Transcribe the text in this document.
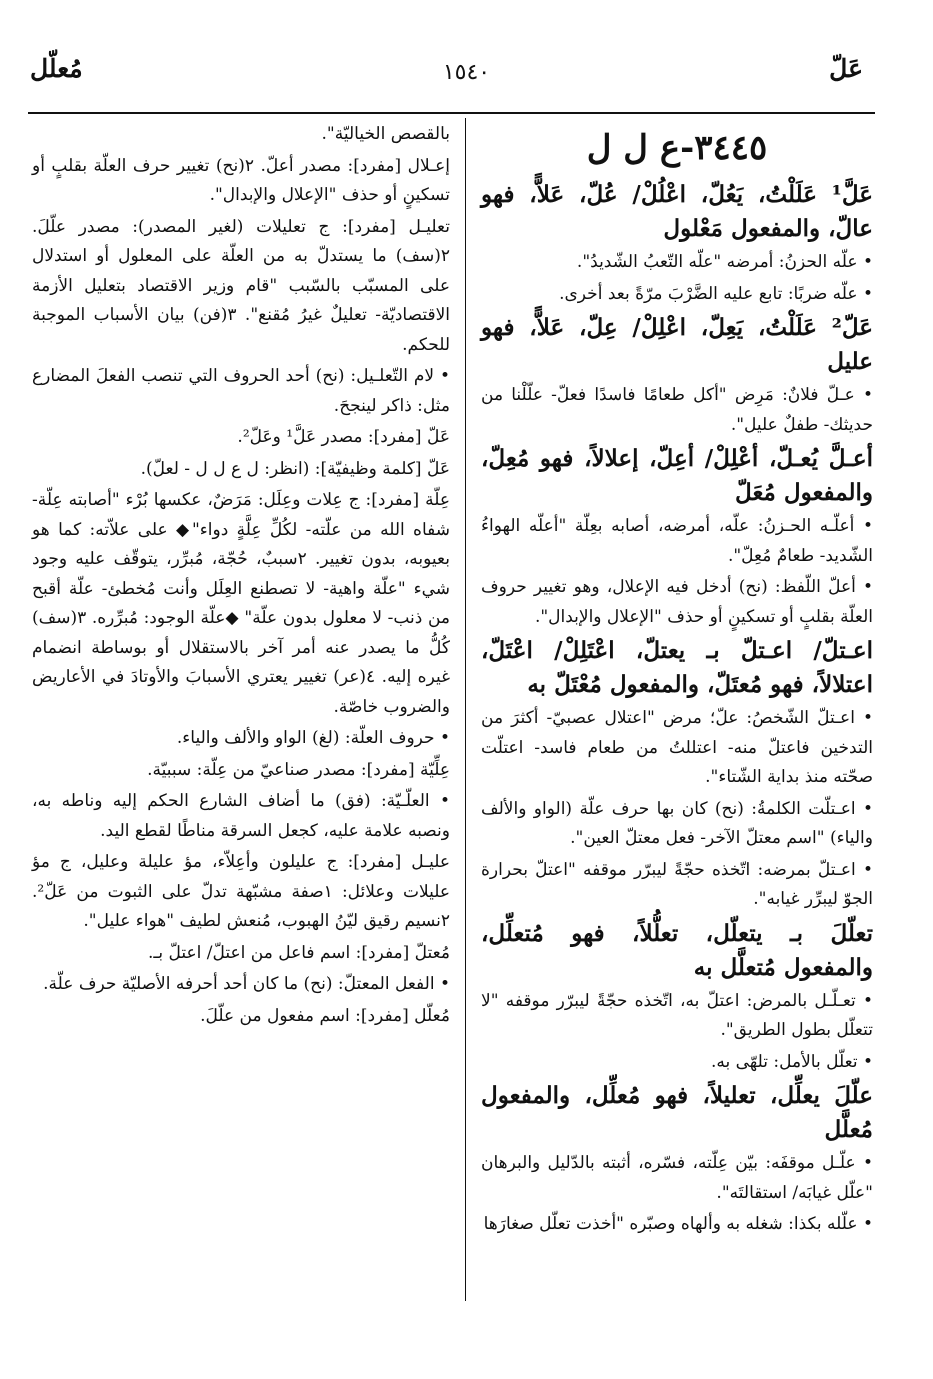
عَلّ
١٥٤٠
مُعلّل

٣٤٤٥-ع ل ل

عَلَّ¹ عَلَلْتُ، يَعُلّ، اعْلُلْ/ عُلّ، عَلاًّ، فهو عالّ، والمفعول مَعْلول

• علّه الحزنُ: أمرضه "علّه التّعبُ الشّديدُ".

• علّه ضربًا: تابع عليه الضَّرْبَ مرّةً بعد أخرى.

عَلّ² عَلَلْتُ، يَعِلّ، اعْلِلْ/ عِلّ، عَلاًّ، فهو عليل

• عـلّ فلانٌ: مَرِض "أكل طعامًا فاسدًا فعلّ- علّلْنا من حديثك- طفلٌ عليل".

أعـلَّ يُعـلّ، أعْلِلْ/ أعِلّ، إعلالاً، فهو مُعِلّ، والمفعول مُعَلّ

• أعلّـه الحـزنُ: علّه، أمرضه، أصابه بعِلّة "أعلّه الهواءُ الشّديد- طعامٌ مُعِلّ".

• أعلّ اللّفظ: (نح) أدخل فيه الإعلال، وهو تغيير حروف العلّة بقلبٍ أو تسكينٍ أو حذف "الإعلال والإبدال".

اعـتلّ/ اعـتلّ بـ يعتلّ، اعْتَلِلْ/ اعْتَلّ، اعتلالاً، فهو مُعتَلّ، والمفعول مُعْتَلّ به

• اعـتلّ الشّخصُ: علّ؛ مرض "اعتلال عصبيّ- أكثرَ من التدخين فاعتلّ منه- اعتللتُ من طعام فاسد- اعتلّت صحّته منذ بداية الشّتاء".

• اعـتلّت الكلمةُ: (نح) كان بها حرف علّة (الواو والألف والياء) "اسم معتلّ الآخر- فعل معتلّ العين".

• اعـتلّ بمرضه: اتّخذه حجّةً ليبرّر موقفه "اعتلّ بحرارة الجوّ ليبرِّر غيابه".

تعلّلَ بـ يتعلّل، تعلُّلاً، فهو مُتعلِّل، والمفعول مُتعلَّل به

• تعـلّـل بالمرض: اعتلّ به، اتّخذه حجّةً ليبرّر موقفه "لا تتعلّل بطول الطريق".

• تعلّل بالأمل: تلهّى به.

علّلَ يعلِّل، تعليلاً، فهو مُعلِّل، والمفعول مُعلَّل

• علّـل موقفَه: بيّن عِلّته، فسّره، أثبته بالدّليل والبرهان "علّل غيابَه/ استقالتَه".

• علّله بكذا: شغله به وألهاه وصبّره "أخذت تعلّل صغارَها

بالقصص الخياليّة".

إعـلال [مفرد]: مصدر أعلّ. ٢(نح) تغيير حرف العلّة بقلبٍ أو تسكينٍ أو حذف "الإعلال والإبدال".

تعليـل [مفرد]: ج تعليلات (لغير المصدر): مصدر علّلَ. ٢(سف) ما يستدلّ به من العلّة على المعلول أو استدلال على المسبّب بالسّبب "قام وزير الاقتصاد بتعليل الأزمة الاقتصاديّة- تعليلٌ غيرُ مُقنع". ٣(فن) بيان الأسباب الموجبة للحكم.

• لام التّعلـيل: (نح) أحد الحروف التي تنصب الفعلَ المضارع مثل: ذاكر لينجحَ.

عَلّ [مفرد]: مصدر عَلَّ¹ وعَلّ².

عَلّ [كلمة وظيفيّة]: (انظر: ل ع ل ل - لعلّ).

عِلّة [مفرد]: ج عِلات وعِلَل: مَرَضٌ، عكسها بُرْء "أصابته عِلّة- شفاه الله من علّته- لكُلِّ عِلَّةٍ دواء"◆ على علاّته: كما هو بعيوبه، بدون تغيير. ٢سببٌ، حُجّة، مُبرِّر، يتوقّف عليه وجود شيء "علّة واهية- لا تصطنع العِلَل وأنت مُخطئ- علّة أقبح من ذنب- لا معلول بدون علّة" ◆علّة الوجود: مُبرِّره. ٣(سف) كُلُّ ما يصدر عنه أمر آخر بالاستقلال أو بوساطة انضمام غيره إليه. ٤(عر) تغيير يعتري الأسبابَ والأوتادَ في الأعاريض والضروب خاصّة.

• حروف العلّة: (لغ) الواو والألف والياء.

عِلِّيّة [مفرد]: مصدر صناعيّ من عِلّة: سببيّة.

• العلّـيّة: (فق) ما أضاف الشارع الحكم إليه وناطه به، ونصبه علامة عليه، كجعل السرقة مناطًا لقطع اليد.

عليـل [مفرد]: ج عليلون وأعِلاّء، مؤ عليلة وعليل، ج مؤ عليلات وعلائل: ١صفة مشبّهة تدلّ على الثبوت من عَلّ². ٢نسيم رقيق ليّنُ الهبوب، مُنعش لطيف "هواء عليل".

مُعتلّ [مفرد]: اسم فاعل من اعتلّ/ اعتلّ بـ.

• الفعل المعتلّ: (نح) ما كان أحد أحرفه الأصليّة حرف علّة.

مُعلّل [مفرد]: اسم مفعول من علّلَ.
